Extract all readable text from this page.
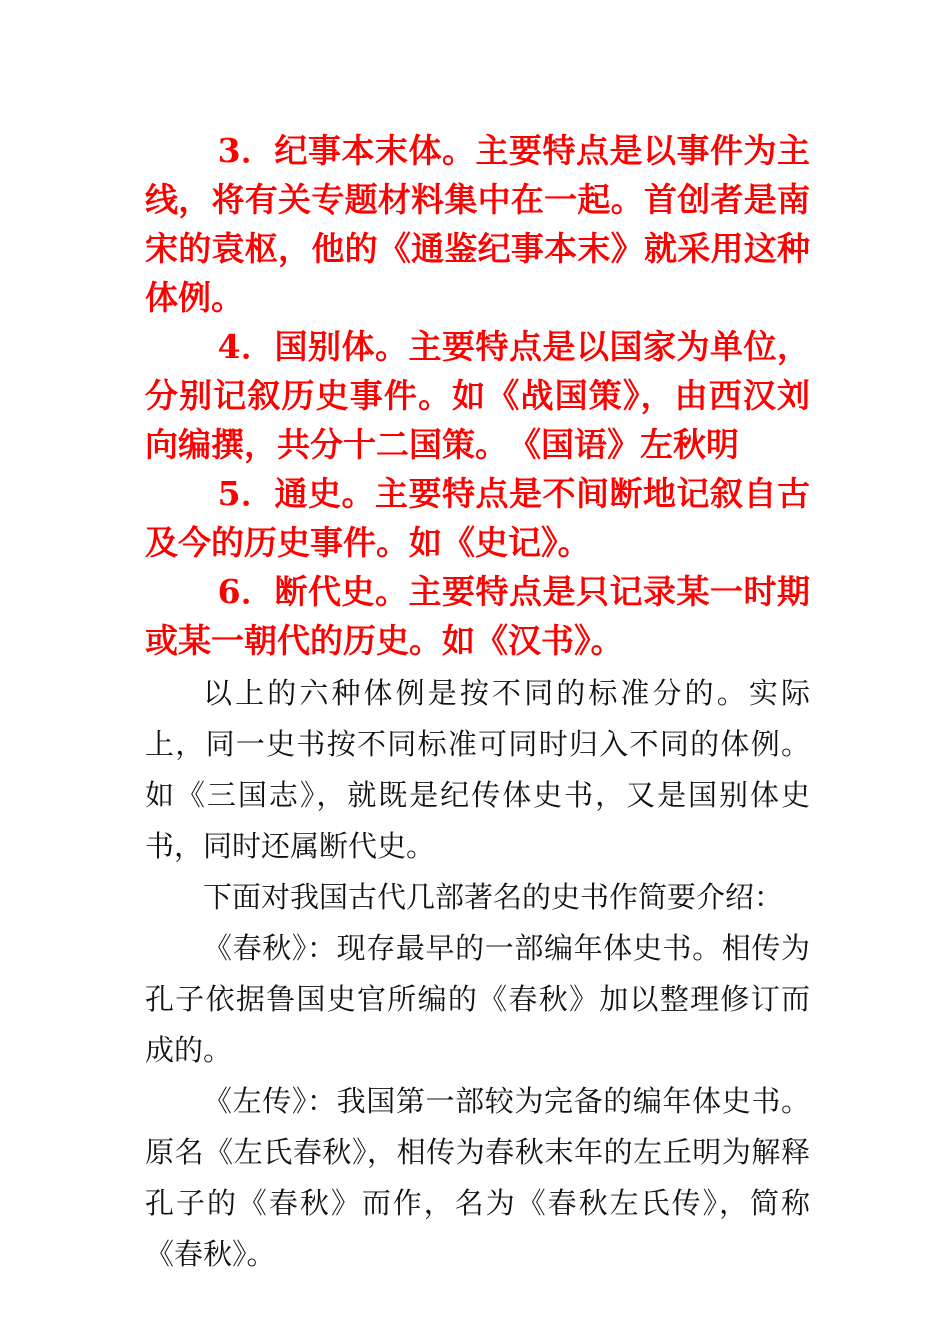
3．纪事本末体。主要特点是以事件为主线，将有关专题材料集中在一起。首创者是南宋的袁枢，他的《通鉴纪事本末》就采用这种体例。

4．国别体。主要特点是以国家为单位，分别记叙历史事件。如《战国策》，由西汉刘向编撰，共分十二国策。　《国语》左秋明

5．通史。主要特点是不间断地记叙自古及今的历史事件。如《史记》。

6．断代史。主要特点是只记录某一时期或某一朝代的历史。如《汉书》。

以上的六种体例是按不同的标准分的。实际上，同一史书按不同标准可同时归入不同的体例。如《三国志》，就既是纪传体史书，又是国别体史书，同时还属断代史。

下面对我国古代几部著名的史书作简要介绍：

《春秋》：现存最早的一部编年体史书。相传为孔子依据鲁国史官所编的《春秋》加以整理修订而成的。

《左传》：我国第一部较为完备的编年体史书。原名《左氏春秋》，相传为春秋末年的左丘明为解释孔子的《春秋》而作，名为《春秋左氏传》，简称《春秋》。
